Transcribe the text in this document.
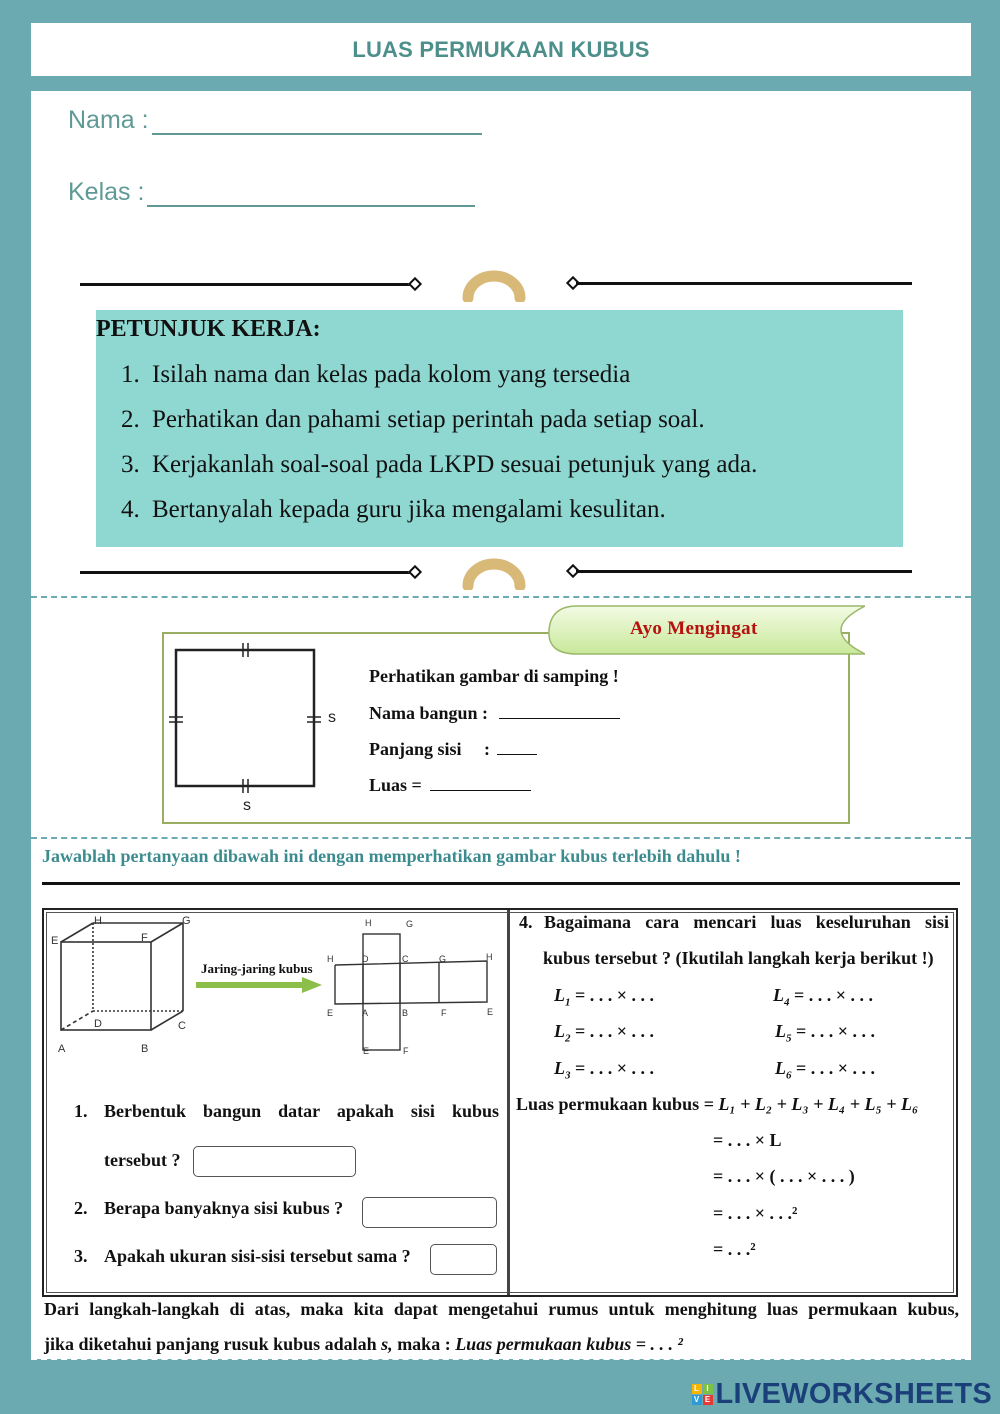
LUAS PERMUKAAN KUBUS
Nama :
Kelas :
PETUNJUK KERJA:
1. Isilah nama dan kelas pada kolom yang tersedia
2. Perhatikan dan pahami setiap perintah pada setiap soal.
3. Kerjakanlah soal-soal pada LKPD sesuai petunjuk yang ada.
4. Bertanyalah kepada guru jika mengalami kesulitan.
Ayo Mengingat
s
s
Perhatikan gambar di samping !
Nama bangun :
Panjang sisi :
Luas =
Jawablah pertanyaan dibawah ini dengan memperhatikan gambar kubus terlebih dahulu !
E
H	G
F
D	C
A	B
Jaring-jaring kubus
H	G
H	D	C	G	H
E	A	B	F	E
E	F
1. Berbentuk bangun datar apakah sisi kubus
tersebut ?
2. Berapa banyaknya sisi kubus ?
3. Apakah ukuran sisi-sisi tersebut sama ?
4. Bagaimana cara mencari luas keseluruhan sisi
kubus tersebut ? (Ikutilah langkah kerja berikut !)
$L_1$ = . . . × . . .	$L_4$ = . . . × . . .
$L_2$ = . . . × . . .	$L_5$ = . . . × . . .
$L_3$ = . . . × . . .	$L_6$ = . . . × . . .
Luas permukaan kubus = L₁ + L₂ + L₃ + L₄ + L₅ + L₆
= . . . × L
= . . . × ( . . . × . . . )
= . . . × . . .²
= . . .²
Dari langkah-langkah di atas, maka kita dapat mengetahui rumus untuk menghitung luas permukaan kubus,
jika diketahui panjang rusuk kubus adalah s, maka : Luas permukaan kubus = . . . ²
L I
V E LIVEWORKSHEETS
